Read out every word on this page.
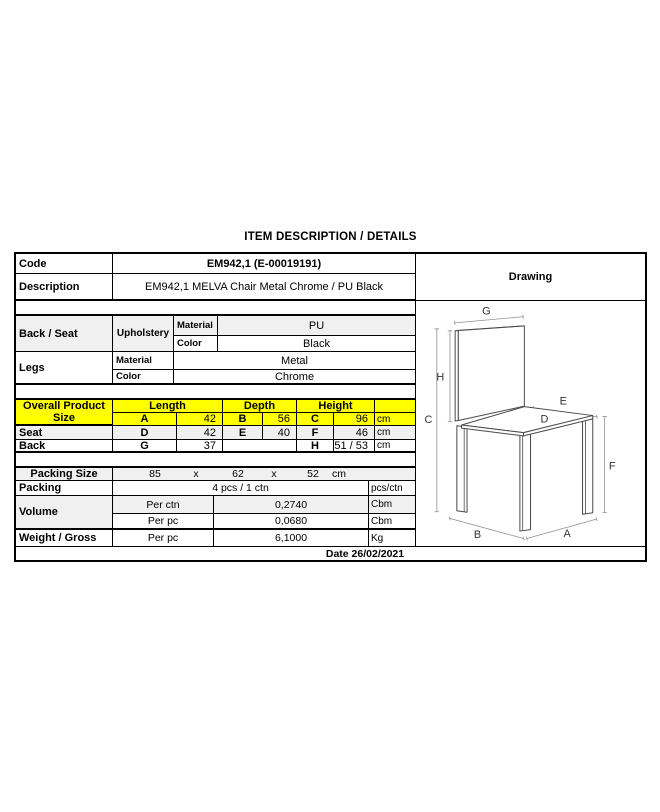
ITEM DESCRIPTION / DETAILS
Code	EM942,1 (E-00019191)
Description	EM942,1 MELVA Chair Metal Chrome / PU Black
Back / Seat	Upholstery
Material	PU
Color	Black
Legs
Material	Metal
Color	Chrome
Overall Product Size
Length	Depth	Height
A	42	B	56	C	96 cm
Seat	D	42	E	40	F	46 cm
Back	G	37	H	51 / 53 cm
Packing Size	85	x	62	x	52 cm
Packing	4 pcs / 1 ctn	pcs/ctn
Volume
Per ctn	0,2740	Cbm
Per pc	0,0680	Cbm
Weight / Gross	Per pc	6,1000	Kg
Drawing
G
H
C
E
D
F
B	A
Date 26/02/2021
